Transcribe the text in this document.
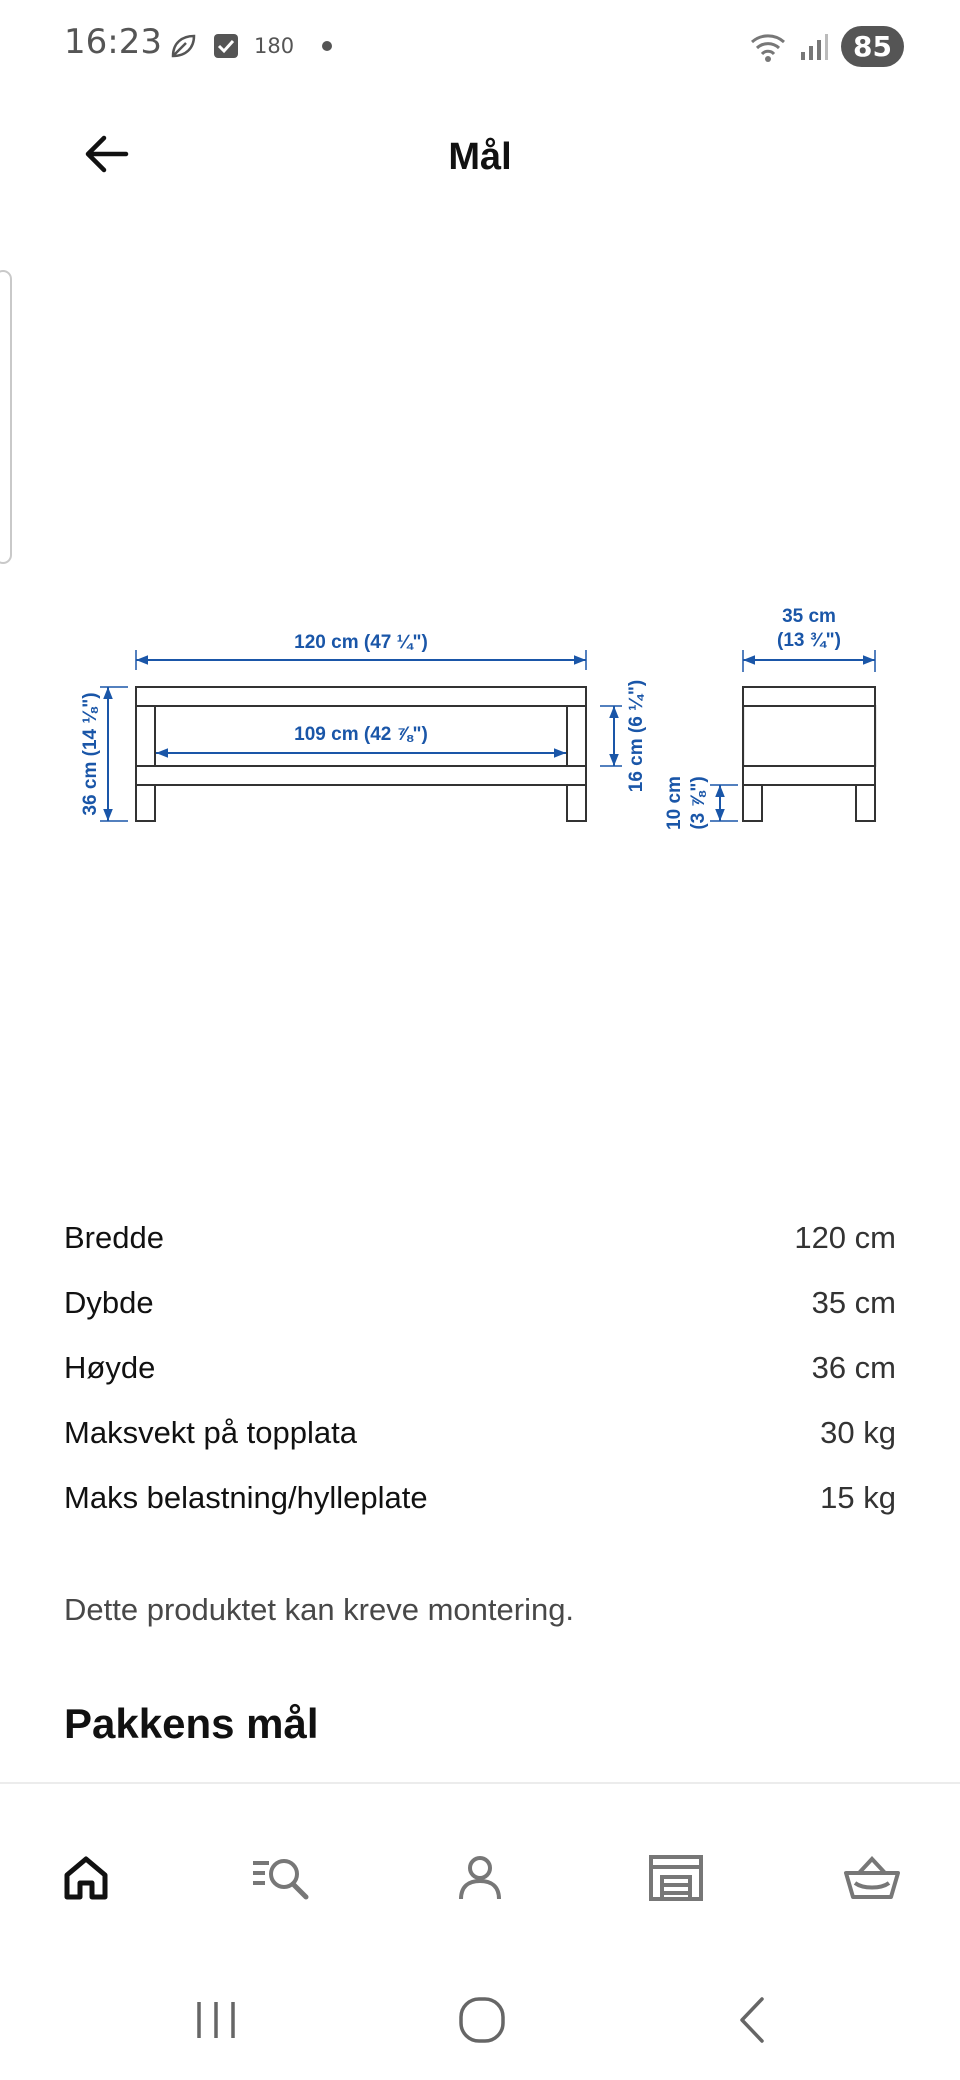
16:23	180	85
Mål
120 cm (47 ¼")
109 cm (42 ⅞")
36 cm (14 ⅛")	16 cm (6 ¼")
35 cm
(13 ¾")
10 cm (3 ⅞")
Bredde	120 cm
Dybde	35 cm
Høyde	36 cm
Maksvekt på topplata	30 kg
Maks belastning/hylleplate	15 kg
Dette produktet kan kreve montering.
Pakkens mål
